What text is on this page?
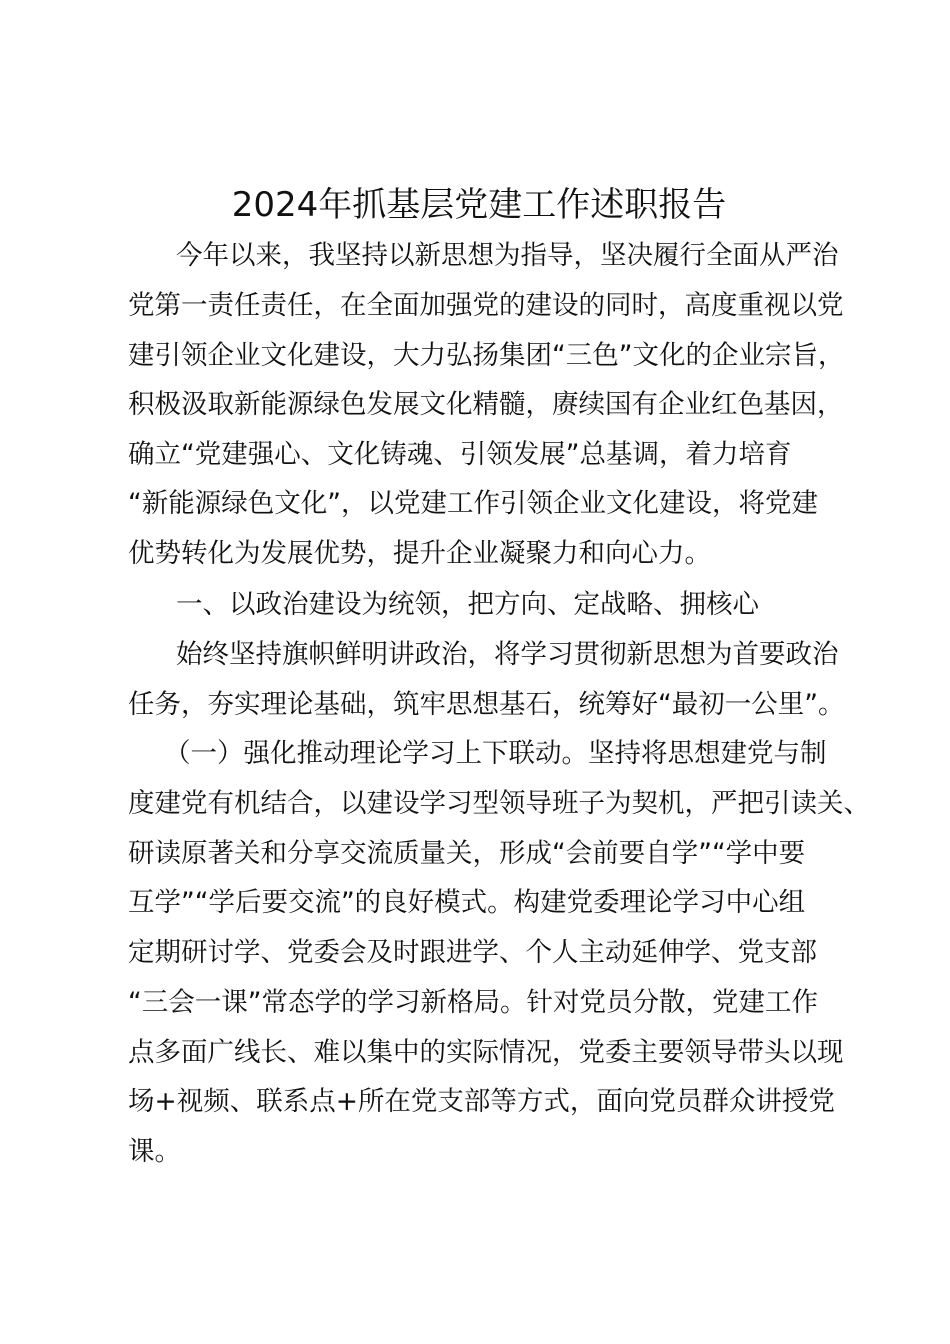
2024年抓基层党建工作述职报告
今年以来，我坚持以新思想为指导，坚决履行全面从严治
党第一责任责任，在全面加强党的建设的同时，高度重视以党
建引领企业文化建设，大力弘扬集团“三色”文化的企业宗旨，
积极汲取新能源绿色发展文化精髓，赓续国有企业红色基因，
确立“党建强心、文化铸魂、引领发展”总基调，着力培育
“新能源绿色文化”，以党建工作引领企业文化建设，将党建
优势转化为发展优势，提升企业凝聚力和向心力。
一、以政治建设为统领，把方向、定战略、拥核心
始终坚持旗帜鲜明讲政治，将学习贯彻新思想为首要政治
任务，夯实理论基础，筑牢思想基石，统筹好“最初一公里”。
（一）强化推动理论学习上下联动。坚持将思想建党与制
度建党有机结合，以建设学习型领导班子为契机，严把引读关、
研读原著关和分享交流质量关，形成“会前要自学”“学中要
互学”“学后要交流”的良好模式。构建党委理论学习中心组
定期研讨学、党委会及时跟进学、个人主动延伸学、党支部
“三会一课”常态学的学习新格局。针对党员分散，党建工作
点多面广线长、难以集中的实际情况，党委主要领导带头以现
场+视频、联系点+所在党支部等方式，面向党员群众讲授党
课。
